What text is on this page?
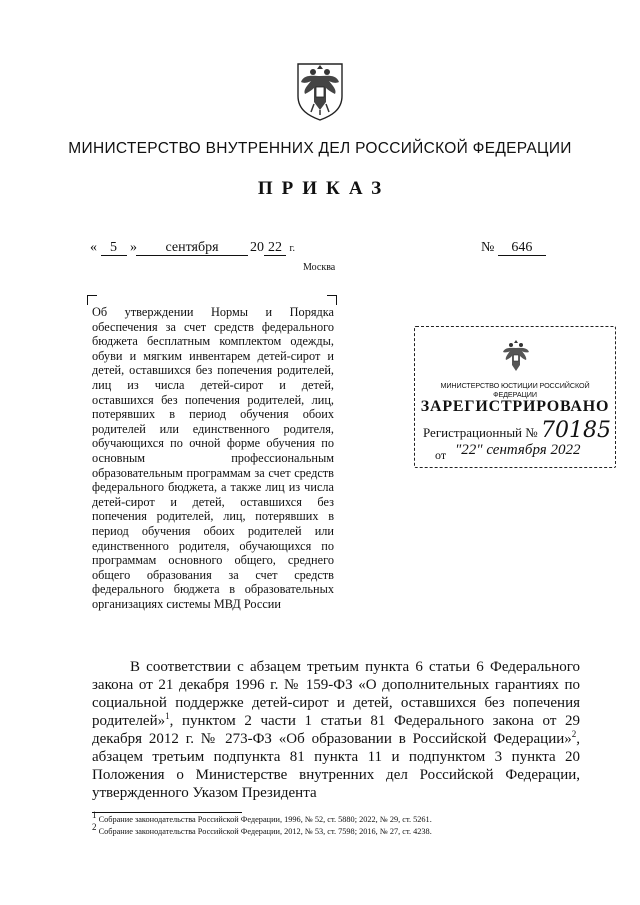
МИНИСТЕРСТВО ВНУТРЕННИХ ДЕЛ РОССИЙСКОЙ ФЕДЕРАЦИИ
ПРИКАЗ
« 5 »	сентября	20 22 г.	№ 646
Москва

Об утверждении Нормы и Порядка обеспечения за счет средств федерального бюджета бесплатным комплектом одежды, обуви и мягким инвентарем детей-сирот и детей, оставшихся без попечения родителей, лиц из числа детей-сирот и детей, оставшихся без попечения родителей, лиц, потерявших в период обучения обоих родителей или единственного родителя, обучающихся по очной форме обучения по основным профессиональным образовательным программам за счет средств федерального бюджета, а также лиц из числа детей-сирот и детей, оставшихся без попечения родителей, лиц, потерявших в период обучения обоих родителей или единственного родителя, обучающихся по программам основного общего, среднего общего образования за счет средств федерального бюджета в образовательных организациях системы МВД России

МИНИСТЕРСТВО ЮСТИЦИИ РОССИЙСКОЙ ФЕДЕРАЦИИ
ЗАРЕГИСТРИРОВАНО
Регистрационный № 70185
от "22" сентября 2022

В соответствии с абзацем третьим пункта 6 статьи 6 Федерального закона от 21 декабря 1996 г. № 159-ФЗ «О дополнительных гарантиях по социальной поддержке детей-сирот и детей, оставшихся без попечения родителей»$^1$, пунктом 2 части 1 статьи 81 Федерального закона от 29 декабря 2012 г. № 273-ФЗ «Об образовании в Российской Федерации»$^2$, абзацем третьим подпункта 81 пункта 11 и подпунктом 3 пункта 20 Положения о Министерстве внутренних дел Российской Федерации, утвержденного Указом Президента

$^1$ Собрание законодательства Российской Федерации, 1996, № 52, ст. 5880; 2022, № 29, ст. 5261.
$^2$ Собрание законодательства Российской Федерации, 2012, № 53, ст. 7598; 2016, № 27, ст. 4238.
